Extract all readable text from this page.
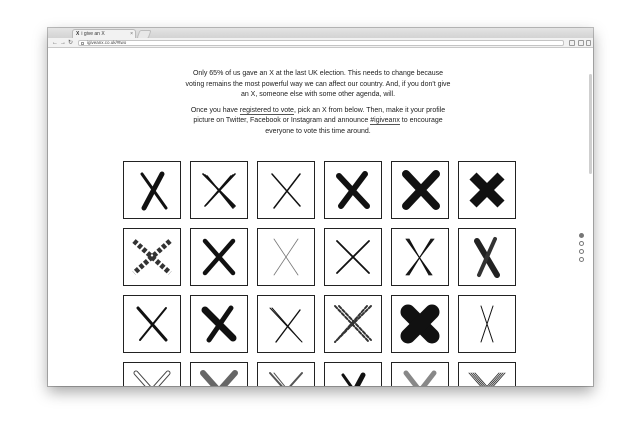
X i give an X	×
← → ↻	igiveanx.co.uk/#two

Only 65% of us gave an X at the last UK election. This needs to change because voting remains the most powerful way we can affect our country. And, if you don't give an X, someone else with some other agenda, will.

Once you have registered to vote, pick an X from below. Then, make it your profile picture on Twitter, Facebook or Instagram and announce #igiveanx to encourage everyone to vote this time around.
